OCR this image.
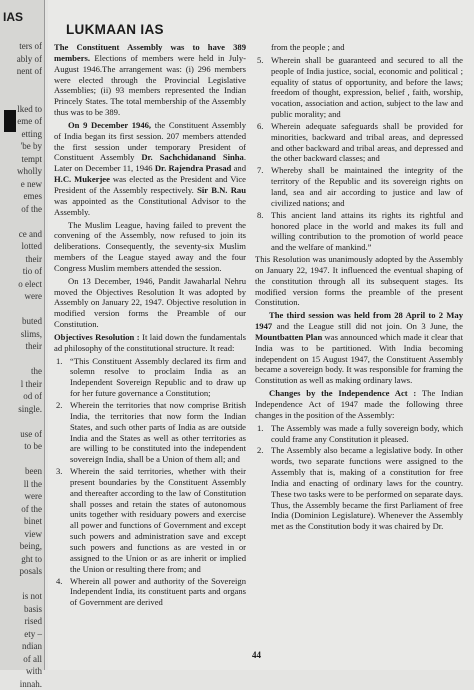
IAS
ters of
ably of
nent of
lked to
eme of
etting
'be by
tempt
wholly
e new
emes
of the
ce and
lotted
their
tio of
o elect
were
buted
slims,
their
the
l their
od of
single.
use of
to be
been
ll the
were
of the
binet
view
being,
ght to
posals
is not
basis
rised
ety –
ndian
of all
with
innah.
LUKMAAN IAS

The Constituent Assembly was to have 389 members. Elections of members were held in July-August 1946.The arrangement was: (i) 296 members were elected through the Provincial Legislative Assemblies; (ii) 93 members represented the Indian Princely States. The total membership of the Assembly thus was to be 389.

On 9 December 1946, the Constituent Assembly of India began its first session. 207 members attended the first session under temporary President of Constituent Assembly Dr. Sachchidanand Sinha. Later on December 11, 1946 Dr. Rajendra Prasad and H.C. Mukerjee was elected as the President and Vice President of the Assembly respectively. Sir B.N. Rau was appointed as the Constitutional Advisor to the Assembly.

The Muslim League, having failed to prevent the convening of the Assembly, now refused to join its deliberations. Consequently, the seventy-six Muslim members of the League stayed away and the four Congress Muslim members attended the session.

On 13 December, 1946, Pandit Jawaharlal Nehru moved the Objectives Resolution It was adopted by Assembly on January 22, 1947. Objective resolution in modified version forms the Preamble of our Constitution.

Objectives Resolution : It laid down the fundamentals ad philosophy of the constitutional structure. It read:

1. “This Constituent Assembly declared its firm and solemn resolve to proclaim India as an Independent Sovereign Republic and to draw up for her future governance a Constitution;
2. Wherein the territories that now comprise British India, the territories that now form the Indian States, and such other parts of India as are outside India and the States as well as other territories as are willing to be constituted into the independent sovereign India, shall be a Union of them all; and
3. Wherein the said territories, whether with their present boundaries by the Constituent Assembly and thereafter according to the law of Constitution shall posses and retain the states of autonomous units together with residuary powers and exercise all power and functions of Government and except such powers and administration save and except such powers and functions as are vested in or assigned to the Union or as are inherit or implied the Union or resulting there from; and
4. Wherein all power and authority of the Sovereign Independent India, its constituent parts and organs of Government are derived

from the people ; and

5. Wherein shall be guaranteed and secured to all the people of India justice, social, economic and political ; equality of status of opportunity, and before the laws; freedom of thought, expression, belief , faith, worship, vocation, association and action, subject to the law and public morality; and
6. Wherein adequate safeguards shall be provided for minorities, backward and tribal areas, and depressed and other backward and tribal areas, and depressed and the other backward classes; and
7. Whereby shall be maintained the integrity of the territory of the Republic and its sovereign rights on land, sea and air according to justice and law of civilized nations; and
8. This ancient land attains its rights its rightful and honored place in the world and makes its full and willing contribution to the promotion of world peace and the welfare of mankind.”

This Resolution was unanimously adopted by the Assembly on January 22, 1947. It influenced the eventual shaping of the constitution through all its subsequent stages. Its modified version forms the preamble of the present Constitution.

The third session was held from 28 April to 2 May 1947 and the League still did not join. On 3 June, the Mountbatten Plan was announced which made it clear that India was to be partitioned. With India becoming independent on 15 August 1947, the Constituent Assembly became a sovereign body. It was responsible for framing the Constitution as well as making ordinary laws.

Changes by the Independence Act : The Indian Independence Act of 1947 made the following three changes in the position of the Assembly:

1. The Assembly was made a fully sovereign body, which could frame any Constitution it pleased.
2. The Assembly also became a legislative body. In other words, two separate functions were assigned to the Assembly that is, making of a constitution for free India and enacting of ordinary laws for the country. These two tasks were to be performed on separate days. Thus, the Assembly became the first Parliament of free India (Dominion Legislature). Whenever the Assembly met as the Constitution body it was chaired by Dr.
44
